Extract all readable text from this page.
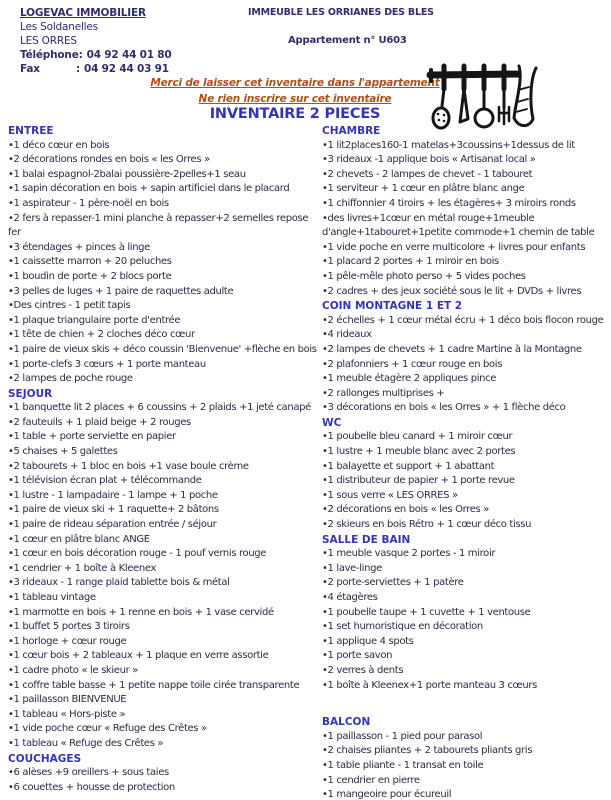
LOGEVAC IMMOBILIER
Les Soldanelles
LES ORRES
Téléphone : 04 92 44 01 80
Fax	: 04 92 44 03 91
IMMEUBLE LES ORRIANES DES BLES
Appartement n° U603
Merci de laisser cet inventaire dans l'appartement
Ne rien inscrire sur cet inventaire
INVENTAIRE 2 PIECES
ENTREE
•1 déco cœur en bois
•2 décorations rondes en bois « les Orres »
•1 balai espagnol-2balai poussière-2pelles+1 seau
•1 sapin décoration en bois + sapin artificiel dans le placard
•1 aspirateur - 1 père-noël en bois
•2 fers à repasser-1 mini planche à repasser+2 semelles repose
fer
•3 étendages + pinces à linge
•1 caissette marron + 20 peluches
•1 boudin de porte + 2 blocs porte
•3 pelles de luges + 1 paire de raquettes adulte
•Des cintres - 1 petit tapis
•1 plaque triangulaire porte d'entrée
•1 tête de chien + 2 cloches déco cœur
•1 paire de vieux skis + déco coussin 'Bienvenue' +flèche en bois
•1 porte-clefs 3 cœurs + 1 porte manteau
•2 lampes de poche rouge
SEJOUR
•1 banquette lit 2 places + 6 coussins + 2 plaids +1 jeté canapé
•2 fauteuils + 1 plaid beige + 2 rouges
•1 table + porte serviette en papier
•5 chaises + 5 galettes
•2 tabourets + 1 bloc en bois +1 vase boule crème
•1 télévision écran plat + télécommande
•1 lustre - 1 lampadaire - 1 lampe + 1 poche
•1 paire de vieux ski + 1 raquette+ 2 bâtons
•1 paire de rideau séparation entrée / séjour
•1 cœur en plâtre blanc ANGE
•1 cœur en bois décoration rouge - 1 pouf vernis rouge
•1 cendrier + 1 boîte à Kleenex
•3 rideaux - 1 range plaid tablette bois & métal
•1 tableau vintage
•1 marmotte en bois + 1 renne en bois + 1 vase cervidé
•1 buffet 5 portes 3 tiroirs
•1 horloge + cœur rouge
•1 cœur bois + 2 tableaux + 1 plaque en verre assortie
•1 cadre photo « le skieur »
•1 coffre table basse + 1 petite nappe toile cirée transparente
•1 paillasson BIENVENUE
•1 tableau « Hors-piste »
•1 vide poche cœur « Refuge des Crêtes »
•1 tableau « Refuge des Crêtes »
COUCHAGES
•6 alèses +9 oreillers + sous taies
•6 couettes + housse de protection
CHAMBRE
•1 lit2places160-1 matelas+3coussins+1dessus de lit
•3 rideaux -1 applique bois « Artisanat local »
•2 chevets - 2 lampes de chevet - 1 tabouret
•1 serviteur + 1 cœur en plâtre blanc ange
•1 chiffonnier 4 tiroirs + les étagères+ 3 miroirs ronds
•des livres+1cœur en métal rouge+1meuble
d'angle+1tabouret+1petite commode+1 chemin de table
•1 vide poche en verre multicolore + livres pour enfants
•1 placard 2 portes + 1 miroir en bois
•1 pêle-mêle photo perso + 5 vides poches
•2 cadres + des jeux société sous le lit + DVDs + livres
COIN MONTAGNE 1 ET 2
•2 échelles + 1 cœur métal écru + 1 déco bois flocon rouge
•4 rideaux
•2 lampes de chevets + 1 cadre Martine à la Montagne
•2 plafonniers + 1 cœur rouge en bois
•1 meuble étagère 2 appliques pince
•2 rallonges multiprises +
•3 décorations en bois « les Orres » + 1 flèche déco
WC
•1 poubelle bleu canard + 1 miroir cœur
•1 lustre + 1 meuble blanc avec 2 portes
•1 balayette et support + 1 abattant
•1 distributeur de papier + 1 porte revue
•1 sous verre « LES ORRES »
•2 décorations en bois « les Orres »
•2 skieurs en bois Rétro + 1 cœur déco tissu
SALLE DE BAIN
•1 meuble vasque 2 portes - 1 miroir
•1 lave-linge
•2 porte-serviettes + 1 patère
•4 étagères
•1 poubelle taupe + 1 cuvette + 1 ventouse
•1 set humoristique en décoration
•1 applique 4 spots
•1 porte savon
•2 verres à dents
•1 boîte à Kleenex+1 porte manteau 3 cœurs
BALCON
•1 paillasson - 1 pied pour parasol
•2 chaises pliantes + 2 tabourets pliants gris
•1 table pliante - 1 transat en toile
•1 cendrier en pierre
•1 mangeoire pour écureuil
